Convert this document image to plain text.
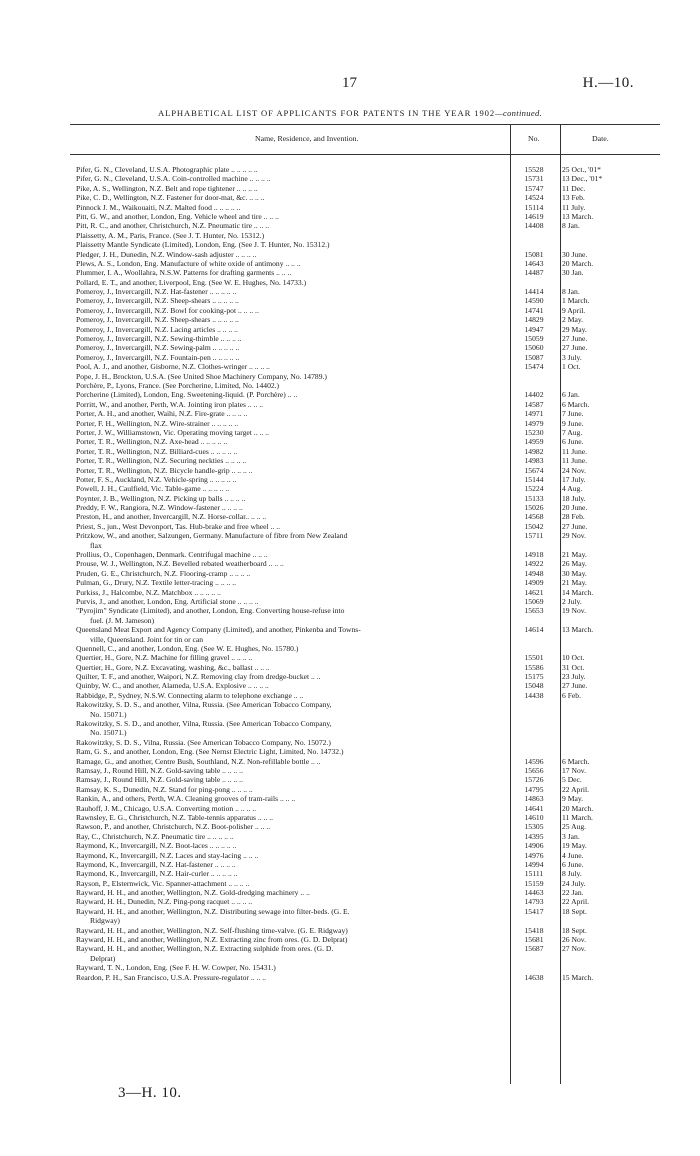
17	H.—10.
ALPHABETICAL LIST OF APPLICANTS FOR PATENTS IN THE YEAR 1902—continued.
Name, Residence, and Invention.	No.	Date.
Pifer, G. N., Cleveland, U.S.A. Photographic plate .. .. .. .. ..	15528	25 Oct., '01*
Pifer, G. N., Cleveland, U.S.A. Coin-controlled machine .. .. .. ..	15731	13 Dec., '01*
Pike, A. S., Wellington, N.Z. Belt and rope tightener .. .. .. ..	15747	11 Dec.
Pike, C. D., Wellington, N.Z. Fastener for door-mat, &c. .. .. ..	14524	13 Feb.
Pinnock J. M., Waikouaiti, N.Z. Malted food .. .. .. .. ..	15114	11 July.
Pitt, G. W., and another, London, Eng. Vehicle wheel and tire .. .. ..	14619	13 March.
Pitt, R. C., and another, Christchurch, N.Z. Pneumatic tire .. .. ..	14408	8 Jan.
Plaissetty, A. M., Paris, France. (See J. T. Hunter, No. 15312.)
Plaissetty Mantle Syndicate (Limited), London, Eng. (See J. T. Hunter, No. 15312.)
Pledger, J. H., Dunedin, N.Z. Window-sash adjuster .. .. .. ..	15081	30 June.
Plews, A. S., London, Eng. Manufacture of white oxide of antimony .. .. ..	14643	20 March.
Plummer, I. A., Woollahra, N.S.W. Patterns for drafting garments .. .. ..	14487	30 Jan.
Pollard, E. T., and another, Liverpool, Eng. (See W. E. Hughes, No. 14733.)
Pomeroy, J., Invercargill, N.Z. Hat-fastener .. .. .. .. ..	14414	8 Jan.
Pomeroy, J., Invercargill, N.Z. Sheep-shears .. .. .. .. ..	14590	1 March.
Pomeroy, J., Invercargill, N.Z. Bowl for cooking-pot .. .. .. ..	14741	9 April.
Pomeroy, J., Invercargill, N.Z. Sheep-shears .. .. .. .. ..	14829	2 May.
Pomeroy, J., Invercargill, N.Z. Lacing articles .. .. .. ..	14947	29 May.
Pomeroy, J., Invercargill, N.Z. Sewing-thimble .. .. .. ..	15059	27 June.
Pomeroy, J., Invercargill, N.Z. Sewing-palm .. .. .. .. ..	15060	27 June.
Pomeroy, J., Invercargill, N.Z. Fountain-pen .. .. .. .. ..	15087	3 July.
Pool, A. J., and another, Gisborne, N.Z. Clothes-wringer .. .. .. ..	15474	1 Oct.
Pope, J. H., Brockton, U.S.A. (See United Shoe Machinery Company, No. 14789.)
Porchère, P., Lyons, France. (See Porcherine, Limited, No. 14402.)
Porcherine (Limited), London, Eng. Sweetening-liquid. (P. Porchère) .. ..	14402	6 Jan.
Porritt, W., and another, Perth, W.A. Jointing iron plates .. .. ..	14587	6 March.
Porter, A. H., and another, Waihi, N.Z. Fire-grate .. .. .. ..	14971	7 June.
Porter, F. H., Wellington, N.Z. Wire-strainer .. .. .. .. ..	14979	9 June.
Porter, J. W., Williamstown, Vic. Operating moving target .. .. ..	15230	7 Aug.
Porter, T. R., Wellington, N.Z. Axe-head .. .. .. .. ..	14959	6 June.
Porter, T. R., Wellington, N.Z. Billiard-cues .. .. .. .. ..	14982	11 June.
Porter, T. R., Wellington, N.Z. Securing neckties .. .. .. ..	14983	11 June.
Porter, T. R., Wellington, N.Z. Bicycle handle-grip .. .. .. ..	15674	24 Nov.
Potter, F. S., Auckland, N.Z. Vehicle-spring .. .. .. .. ..	15144	17 July.
Powell, J. H., Caulfield, Vic. Table-game .. .. .. .. ..	15224	4 Aug.
Poynter, J. B., Wellington, N.Z. Picking up balls .. .. .. ..	15133	18 July.
Preddy, F. W., Rangiora, N.Z. Window-fastener .. .. .. ..	15026	20 June.
Preston, H., and another, Invercargill, N.Z. Horse-collar.. .. .. ..	14568	28 Feb.
Priest, S., jun., West Devonport, Tas. Hub-brake and free wheel .. ..	15042	27 June.
Pritzkow, W., and another, Salzungen, Germany. Manufacture of fibre from New Zealand	15711	29 Nov.
flax
Prollius, O., Copenhagen, Denmark. Centrifugal machine .. .. ..	14918	21 May.
Prouse, W. J., Wellington, N.Z. Bevelled rebated weatherboard .. .. ..	14922	26 May.
Pruden, G. E., Christchurch, N.Z. Flooring-cramp .. .. .. ..	14948	30 May.
Pulman, G., Drury, N.Z. Textile letter-tracing .. .. .. ..	14909	21 May.
Purkiss, J., Halcombe, N.Z. Matchbox .. .. .. .. ..	14621	14 March.
Purvis, J., and another, London, Eng. Artificial stone .. .. .. ..	15069	2 July.
"Pyrojim" Syndicate (Limited), and another, London, Eng. Converting house-refuse into	15653	19 Nov.
fuel. (J. M. Jameson)
Queensland Meat Export and Agency Company (Limited), and another, Pinkenba and Towns-	14614	13 March.
ville, Queensland. Joint for tin or can
Quennell, C., and another, London, Eng. (See W. E. Hughes, No. 15780.)
Quertier, H., Gore, N.Z. Machine for filling gravel .. .. .. ..	15501	10 Oct.
Quertier, H., Gore, N.Z. Excavating, washing, &c., ballast .. .. ..	15586	31 Oct.
Quilter, T. F., and another, Waipori, N.Z. Removing clay from dredge-bucket .. ..	15175	23 July.
Quinby, W. C., and another, Alameda, U.S.A. Explosive .. .. .. ..	15048	27 June.
Rabbidge, P., Sydney, N.S.W. Connecting alarm to telephone exchange .. ..	14438	6 Feb.
Rakowitzky, S. D. S., and another, Vilna, Russia. (See American Tobacco Company,
No. 15071.)
Rakowitzky, S. S. D., and another, Vilna, Russia. (See American Tobacco Company,
No. 15071.)
Rakowitzky, S. D. S., Vilna, Russia. (See American Tobacco Company, No. 15072.)
Ram, G. S., and another, London, Eng. (See Nernst Electric Light, Limited, No. 14732.)
Ramage, G., and another, Centre Bush, Southland, N.Z. Non-refillable bottle .. ..	14596	6 March.
Ramsay, J., Round Hill, N.Z. Gold-saving table .. .. .. ..	15656	17 Nov.
Ramsay, J., Round Hill, N.Z. Gold-saving table .. .. .. ..	15726	5 Dec.
Ramsay, K. S., Dunedin, N.Z. Stand for ping-pong .. .. .. ..	14795	22 April.
Rankin, A., and others, Perth, W.A. Cleaning grooves of tram-rails .. .. ..	14863	9 May.
Rauhoff, J. M., Chicago, U.S.A. Converting motion .. .. .. ..	14641	20 March.
Rawnsley, E. G., Christchurch, N.Z. Table-tennis apparatus .. .. ..	14610	11 March.
Rawson, P., and another, Christchurch, N.Z. Boot-polisher .. .. ..	15305	25 Aug.
Ray, C., Christchurch, N.Z. Pneumatic tire .. .. .. .. ..	14395	3 Jan.
Raymond, K., Invercargill, N.Z. Boot-laces .. .. .. .. ..	14906	19 May.
Raymond, K., Invercargill, N.Z. Laces and stay-lacing .. .. ..	14976	4 June.
Raymond, K., Invercargill, N.Z. Hat-fastener .. .. .. ..	14994	6 June.
Raymond, K., Invercargill, N.Z. Hair-curler .. .. .. .. ..	15111	8 July.
Rayson, P., Elsternwick, Vic. Spanner-attachment .. .. .. ..	15159	24 July.
Rayward, H. H., and another, Wellington, N.Z. Gold-dredging machinery .. ..	14463	22 Jan.
Rayward, H. H., Dunedin, N.Z. Ping-pong racquet .. .. .. ..	14793	22 April.
Rayward, H. H., and another, Wellington, N.Z. Distributing sewage into filter-beds. (G. E.	15417	18 Sept.
Ridgway)
Rayward, H. H., and another, Wellington, N.Z. Self-flushing time-valve. (G. E. Ridgway)	15418	18 Sept.
Rayward, H. H., and another, Wellington, N.Z. Extracting zinc from ores. (G. D. Delprat)	15681	26 Nov.
Rayward, H. H., and another, Wellington, N.Z. Extracting sulphide from ores. (G. D.	15687	27 Nov.
Delprat)
Rayward, T. N., London, Eng. (See F. H. W. Cowper, No. 15431.)
Reardon, P. H., San Francisco, U.S.A. Pressure-regulator .. .. ..	14638	15 March.
3—H. 10.
